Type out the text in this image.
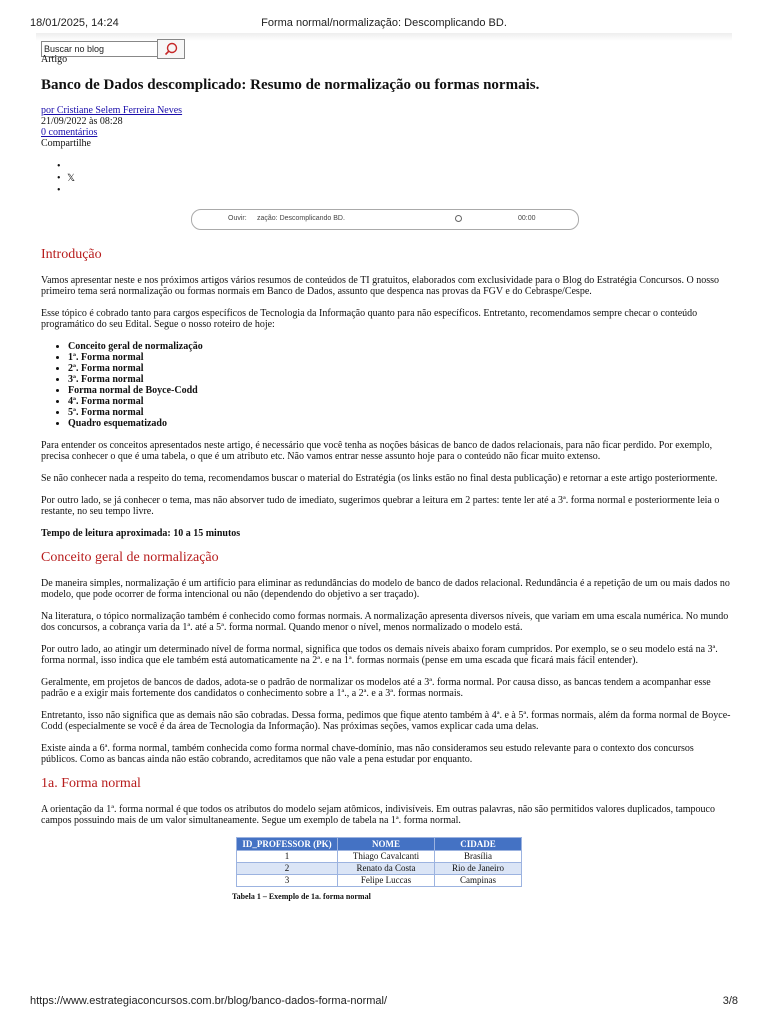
18/01/2025, 14:24	Forma normal/normalização: Descomplicando BD.
Buscar no blog
Artigo
Banco de Dados descomplicado: Resumo de normalização ou formas normais.
por Cristiane Selem Ferreira Neves
21/09/2022 às 08:28
0 comentários
Compartilhe
•
• 𝕏
•
Ouvir: zação: Descomplicando BD.	00:00
Introdução

Vamos apresentar neste e nos próximos artigos vários resumos de conteúdos de TI gratuitos, elaborados com exclusividade para o Blog do Estratégia Concursos. O nosso primeiro tema será normalização ou formas normais em Banco de Dados, assunto que despenca nas provas da FGV e do Cebraspe/Cespe.

Esse tópico é cobrado tanto para cargos específicos de Tecnologia da Informação quanto para não específicos. Entretanto, recomendamos sempre checar o conteúdo programático do seu Edital. Segue o nosso roteiro de hoje:

• Conceito geral de normalização
• 1ª. Forma normal
• 2ª. Forma normal
• 3ª. Forma normal
• Forma normal de Boyce-Codd
• 4ª. Forma normal
• 5ª. Forma normal
• Quadro esquematizado

Para entender os conceitos apresentados neste artigo, é necessário que você tenha as noções básicas de banco de dados relacionais, para não ficar perdido. Por exemplo, precisa conhecer o que é uma tabela, o que é um atributo etc. Não vamos entrar nesse assunto hoje para o conteúdo não ficar muito extenso.

Se não conhecer nada a respeito do tema, recomendamos buscar o material do Estratégia (os links estão no final desta publicação) e retornar a este artigo posteriormente.

Por outro lado, se já conhecer o tema, mas não absorver tudo de imediato, sugerimos quebrar a leitura em 2 partes: tente ler até a 3ª. forma normal e posteriormente leia o restante, no seu tempo livre.

Tempo de leitura aproximada: 10 a 15 minutos

Conceito geral de normalização

De maneira simples, normalização é um artifício para eliminar as redundâncias do modelo de banco de dados relacional. Redundância é a repetição de um ou mais dados no modelo, que pode ocorrer de forma intencional ou não (dependendo do objetivo a ser traçado).

Na literatura, o tópico normalização também é conhecido como formas normais. A normalização apresenta diversos níveis, que variam em uma escala numérica. No mundo dos concursos, a cobrança varia da 1ª. até a 5ª. forma normal. Quando menor o nível, menos normalizado o modelo está.

Por outro lado, ao atingir um determinado nível de forma normal, significa que todos os demais níveis abaixo foram cumpridos. Por exemplo, se o seu modelo está na 3ª. forma normal, isso indica que ele também está automaticamente na 2ª. e na 1ª. formas normais (pense em uma escada que ficará mais fácil entender).

Geralmente, em projetos de bancos de dados, adota-se o padrão de normalizar os modelos até a 3ª. forma normal. Por causa disso, as bancas tendem a acompanhar esse padrão e a exigir mais fortemente dos candidatos o conhecimento sobre a 1ª., a 2ª. e a 3ª. formas normais.

Entretanto, isso não significa que as demais não são cobradas. Dessa forma, pedimos que fique atento também à 4ª. e à 5ª. formas normais, além da forma normal de Boyce-Codd (especialmente se você é da área de Tecnologia da Informação). Nas próximas seções, vamos explicar cada uma delas.

Existe ainda a 6ª. forma normal, também conhecida como forma normal chave-domínio, mas não consideramos seu estudo relevante para o contexto dos concursos públicos. Como as bancas ainda não estão cobrando, acreditamos que não vale a pena estudar por enquanto.

1a. Forma normal

A orientação da 1ª. forma normal é que todos os atributos do modelo sejam atômicos, indivisíveis. Em outras palavras, não são permitidos valores duplicados, tampouco campos possuindo mais de um valor simultaneamente. Segue um exemplo de tabela na 1ª. forma normal.

ID_PROFESSOR (PK)	NOME	CIDADE
1	Thiago Cavalcanti	Brasília
2	Renato da Costa	Rio de Janeiro
3	Felipe Luccas	Campinas
Tabela 1 – Exemplo de 1a. forma normal
https://www.estrategiaconcursos.com.br/blog/banco-dados-forma-normal/	3/8
